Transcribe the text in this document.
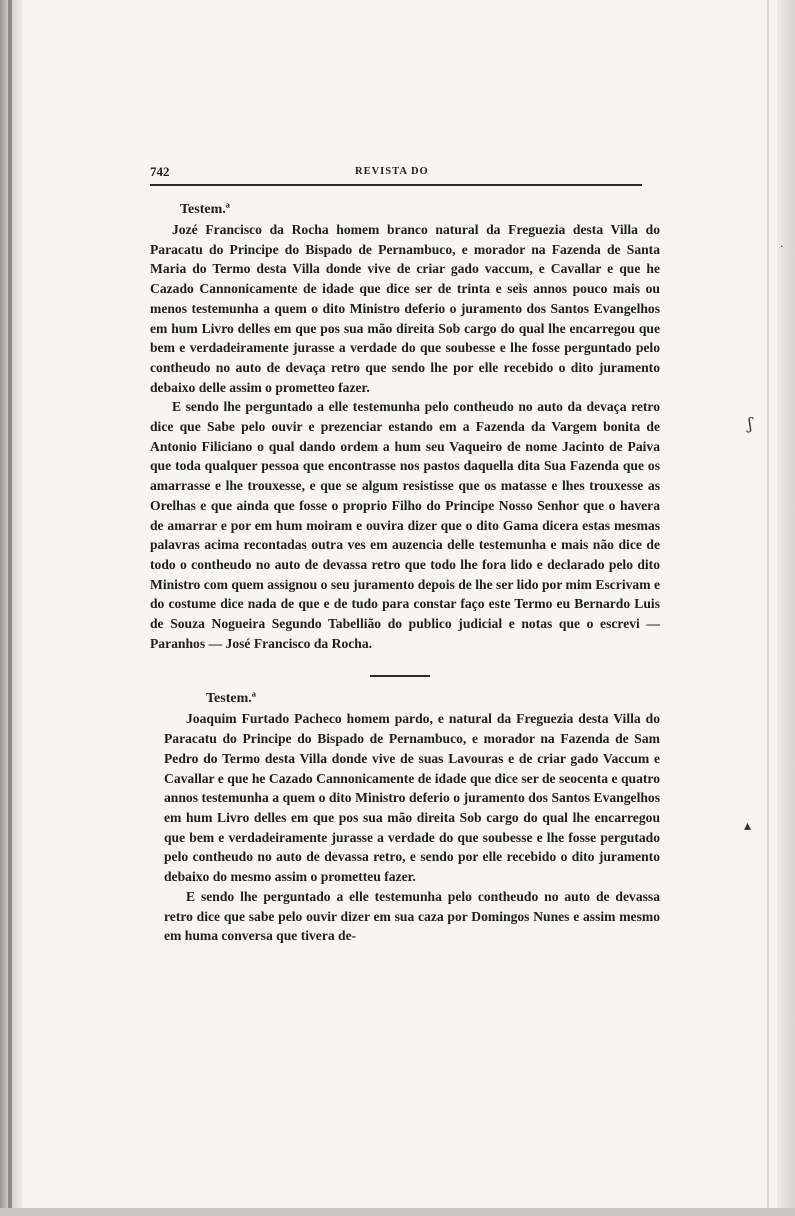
ʃ
▴
·
742	REVISTA DO

Testem.ª

Jozé Francisco da Rocha homem branco natural da Freguezia desta Villa do Paracatu do Principe do Bispado de Pernambuco, e morador na Fazenda de Santa Maria do Termo desta Villa donde vive de criar gado vaccum, e Cavallar e que he Cazado Cannonicamente de idade que dice ser de trinta e seis annos pouco mais ou menos testemunha a quem o dito Ministro deferio o juramento dos Santos Evangelhos em hum Livro delles em que pos sua mão direita Sob cargo do qual lhe encarregou que bem e verdadeiramente jurasse a verdade do que soubesse e lhe fosse perguntado pelo contheudo no auto de devaça retro que sendo lhe por elle recebido o dito juramento debaixo delle assim o prometteo fazer.

E sendo lhe perguntado a elle testemunha pelo contheudo no auto da devaça retro dice que Sabe pelo ouvir e prezenciar estando em a Fazenda da Vargem bonita de Antonio Filiciano o qual dando ordem a hum seu Vaqueiro de nome Jacinto de Paiva que toda qualquer pessoa que encontrasse nos pastos daquella dita Sua Fazenda que os amarrasse e lhe trouxesse, e que se algum resistisse que os matasse e lhes trouxesse as Orelhas e que ainda que fosse o proprio Filho do Principe Nosso Senhor que o havera de amarrar e por em hum moiram e ouvira dizer que o dito Gama dicera estas mesmas palavras acima recontadas outra ves em auzencia delle testemunha e mais não dice de todo o contheudo no auto de devassa retro que todo lhe fora lido e declarado pelo dito Ministro com quem assignou o seu juramento depois de lhe ser lido por mim Escrivam e do costume dice nada de que e de tudo para constar faço este Termo eu Bernardo Luis de Souza Nogueira Segundo Tabellião do publico judicial e notas que o escrevi — Paranhos — José Francisco da Rocha.

Testem.ª

Joaquim Furtado Pacheco homem pardo, e natural da Freguezia desta Villa do Paracatu do Principe do Bispado de Pernambuco, e morador na Fazenda de Sam Pedro do Termo desta Villa donde vive de suas Lavouras e de criar gado Vaccum e Cavallar e que he Cazado Cannonicamente de idade que dice ser de seocenta e quatro annos testemunha a quem o dito Ministro deferio o juramento dos Santos Evangelhos em hum Livro delles em que pos sua mão direita Sob cargo do qual lhe encarregou que bem e verdadeiramente jurasse a verdade do que soubesse e lhe fosse pergutado pelo contheudo no auto de devassa retro, e sendo por elle recebido o dito juramento debaixo do mesmo assim o prometteu fazer.

E sendo lhe perguntado a elle testemunha pelo contheudo no auto de devassa retro dice que sabe pelo ouvir dizer em sua caza por Domingos Nunes e assim mesmo em huma conversa que tivera de-
